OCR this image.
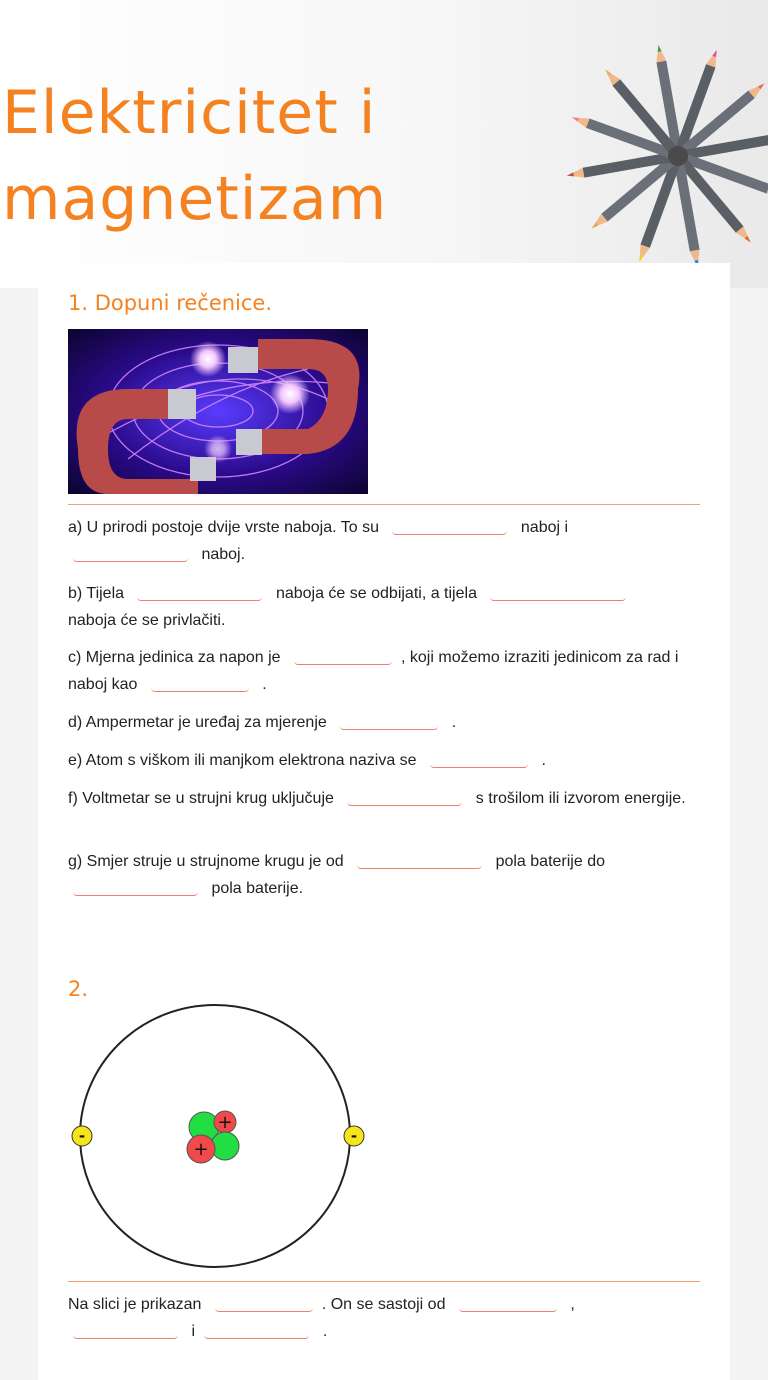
Elektricitet i
magnetizam
1. Dopuni rečenice.

a) U prirodi postoje dvije vrste naboja. To su	naboj i
naboj.

b) Tijela	naboja će se odbijati, a tijela
naboja će se privlačiti.

c) Mjerna jedinica za napon je	, koji možemo izraziti jedinicom za rad i naboj kao	.

d) Ampermetar je uređaj za mjerenje	.

e) Atom s viškom ili manjkom elektrona naziva se	.

f) Voltmetar se u strujni krug uključuje	s trošilom ili izvorom energije.

g) Smjer struje u strujnome krugu je od	pola baterije do
pola baterije.

2.
+
+
-	-

Na slici je prikazan	. On se sastoji od	,
i	.
